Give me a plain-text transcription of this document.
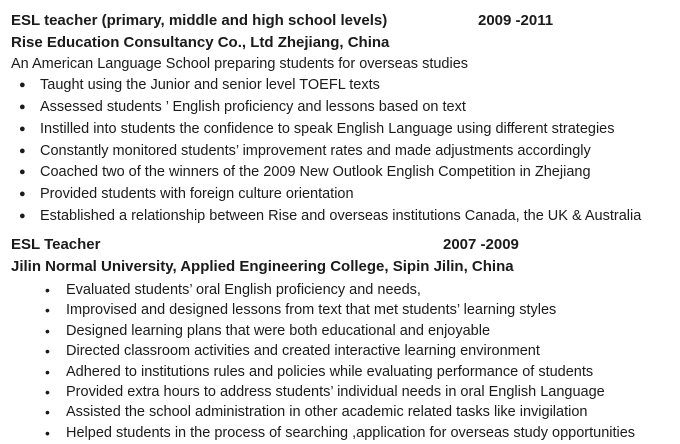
ESL teacher (primary, middle and high school levels)	2009 -2011
Rise Education Consultancy Co., Ltd Zhejiang, China
An American Language School preparing students for overseas studies
● Taught using the Junior and senior level TOEFL texts
● Assessed students ’ English proficiency and lessons based on text
● Instilled into students the confidence to speak English Language using different strategies
● Constantly monitored students’ improvement rates and made adjustments accordingly
● Coached two of the winners of the 2009 New Outlook English Competition in Zhejiang
● Provided students with foreign culture orientation
● Established a relationship between Rise and overseas institutions Canada, the UK & Australia
ESL Teacher	2007 -2009
Jilin Normal University, Applied Engineering College, Sipin Jilin, China
• Evaluated students’ oral English proficiency and needs,
• Improvised and designed lessons from text that met students’ learning styles
• Designed learning plans that were both educational and enjoyable
• Directed classroom activities and created interactive learning environment
• Adhered to institutions rules and policies while evaluating performance of students
• Provided extra hours to address students’ individual needs in oral English Language
• Assisted the school administration in other academic related tasks like invigilation
• Helped students in the process of searching ,application for overseas study opportunities
